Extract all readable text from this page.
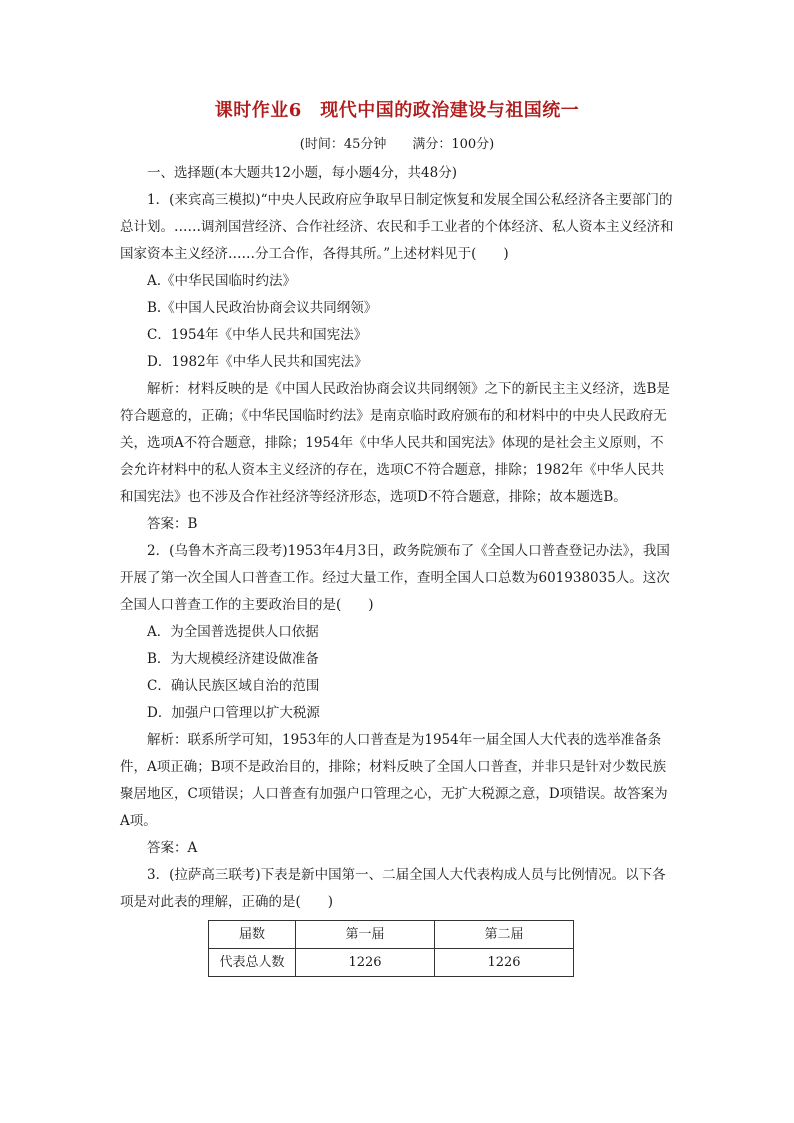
课时作业6　现代中国的政治建设与祖国统一
(时间：45分钟　　满分：100分)

一、选择题(本大题共12小题，每小题4分，共48分)

1．(来宾高三模拟)“中央人民政府应争取早日制定恢复和发展全国公私经济各主要部门的总计划。……调剂国营经济、合作社经济、农民和手工业者的个体经济、私人资本主义经济和国家资本主义经济……分工合作，各得其所。”上述材料见于(　　)

A.《中华民国临时约法》

B.《中国人民政治协商会议共同纲领》

C．1954年《中华人民共和国宪法》

D．1982年《中华人民共和国宪法》

解析：材料反映的是《中国人民政治协商会议共同纲领》之下的新民主主义经济，选B是符合题意的，正确；《中华民国临时约法》是南京临时政府颁布的和材料中的中央人民政府无关，选项A不符合题意，排除；1954年《中华人民共和国宪法》体现的是社会主义原则，不会允许材料中的私人资本主义经济的存在，选项C不符合题意，排除；1982年《中华人民共和国宪法》也不涉及合作社经济等经济形态，选项D不符合题意，排除；故本题选B。

答案：B

2．(乌鲁木齐高三段考)1953年4月3日，政务院颁布了《全国人口普查登记办法》，我国开展了第一次全国人口普查工作。经过大量工作，查明全国人口总数为601938035人。这次全国人口普查工作的主要政治目的是(　　)

A．为全国普选提供人口依据

B．为大规模经济建设做准备

C．确认民族区域自治的范围

D．加强户口管理以扩大税源

解析：联系所学可知，1953年的人口普查是为1954年一届全国人大代表的选举准备条件，A项正确；B项不是政治目的，排除；材料反映了全国人口普查，并非只是针对少数民族聚居地区，C项错误；人口普查有加强户口管理之心，无扩大税源之意，D项错误。故答案为A项。

答案：A

3．(拉萨高三联考)下表是新中国第一、二届全国人大代表构成人员与比例情况。以下各项是对此表的理解，正确的是(　　)

届数	第一届	第二届
代表总人数	1226	1226
